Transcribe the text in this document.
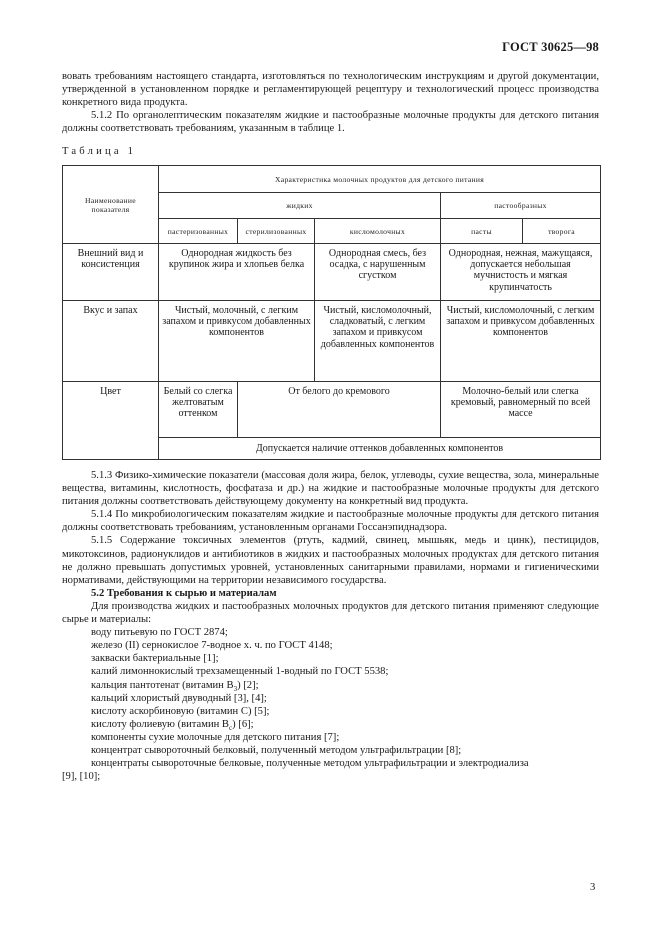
ГОСТ 30625—98

вовать требованиям настоящего стандарта, изготовляться по технологическим инструкциям и другой документации, утвержденной в установленном порядке и регламентирующей рецептуру и технологический процесс производства конкретного вида продукта.

5.1.2 По органолептическим показателям жидкие и пастообразные молочные продукты для детского питания должны соответствовать требованиям, указанным в таблице 1.

Таблица 1
Наименование показателя	Характеристика молочных продуктов для детского питания				
	жидких			пастообразных	
	пастеризованных	стерилизованных	кисломолочных	пасты	творога
Внешний вид и консистенция	Однородная жидкость без крупинок жира и хлопьев белка		Однородная смесь, без осадка, с нарушенным сгустком	Однородная, нежная, мажущаяся, допускается небольшая мучнистость и мягкая крупинчатость	
Вкус и запах	Чистый, молочный, с легким запахом и привкусом добавленных компонентов		Чистый, кисломолочный, сладковатый, с легким запахом и привкусом добавленных компонентов	Чистый, кисломолочный, с легким запахом и привкусом добавленных компонентов	
Цвет	Белый со слегка желтоватым оттенком	От белого до кремового		Молочно-белый или слегка кремовый, равномерный по всей массе	
	Допускается наличие оттенков добавленных компонентов				

5.1.3 Физико-химические показатели (массовая доля жира, белок, углеводы, сухие вещества, зола, минеральные вещества, витамины, кислотность, фосфатаза и др.) на жидкие и пастообразные молочные продукты для детского питания должны соответствовать действующему документу на конкретный вид продукта.

5.1.4 По микробиологическим показателям жидкие и пастообразные молочные продукты для детского питания должны соответствовать требованиям, установленным органами Госсанэпиднадзора.

5.1.5 Содержание токсичных элементов (ртуть, кадмий, свинец, мышьяк, медь и цинк), пестицидов, микотоксинов, радионуклидов и антибиотиков в жидких и пастообразных молочных продуктах для детского питания не должно превышать допустимых уровней, установленных санитарными правилами, нормами и гигиеническими нормативами, действующими на территории независимого государства.

5.2 Требования к сырью и материалам

Для производства жидких и пастообразных молочных продуктов для детского питания применяют следующие сырье и материалы:

воду питьевую по ГОСТ 2874;

железо (II) сернокислое 7-водное х. ч. по ГОСТ 4148;

закваски бактериальные [1];

калий лимоннокислый трехзамещенный 1-водный по ГОСТ 5538;

кальция пантотенат (витамин $B_3$) [2];

кальций хлористый двуводный [3], [4];

кислоту аскорбиновую (витамин C) [5];

кислоту фолиевую (витамин $B_c$) [6];

компоненты сухие молочные для детского питания [7];

концентрат сывороточный белковый, полученный методом ультрафильтрации [8];

концентраты сывороточные белковые, полученные методом ультрафильтрации и электродиализа

[9], [10];

3
